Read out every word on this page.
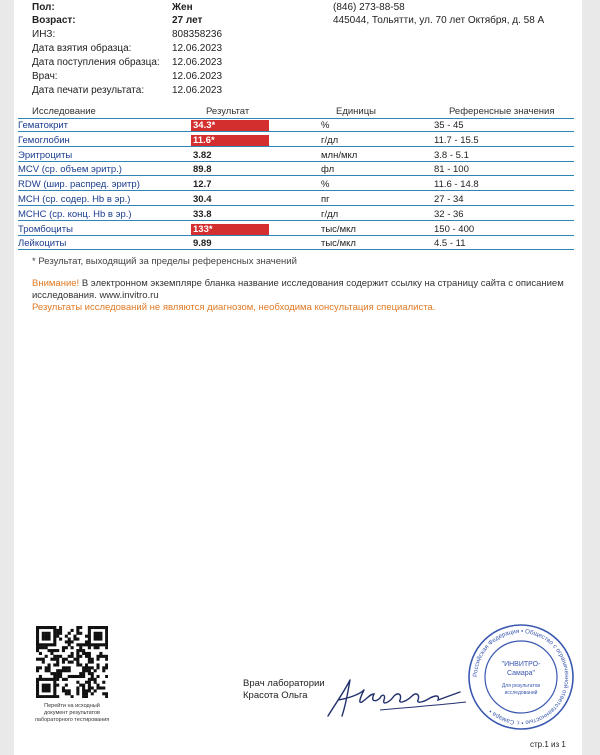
Пол:	Жен
Возраст:	27 лет
ИНЗ:	808358236
Дата взятия образца:	12.06.2023
Дата поступления образца: 12.06.2023
Врач:	12.06.2023
Дата печати результата:	12.06.2023
(846) 273-88-58
445044, Тольятти, ул. 70 лет Октября, д. 58 А
Исследование	Результат	Единицы	Референсные значения
Гематокрит	34.3*	%	35 - 45
Гемоглобин	11.6*	г/дл	11.7 - 15.5
Эритроциты	3.82	млн/мкл	3.8 - 5.1
MCV (ср. объем эритр.)	89.8	фл	81 - 100
RDW (шир. распред. эритр)	12.7	%	11.6 - 14.8
MCH (ср. содер. Hb в эр.)	30.4	пг	27 - 34
MCHC (ср. конц. Hb в эр.)	33.8	г/дл	32 - 36
Тромбоциты	133*	тыс/мкл	150 - 400
Лейкоциты	9.89	тыс/мкл	4.5 - 11
* Результат, выходящий за пределы референсных значений
Внимание! В электронном экземпляре бланка название исследования содержит ссылку на страницу сайта с описанием
исследования. www.invitro.ru
Результаты исследований не являются диагнозом, необходима консультация специалиста.
Перейти на исходный
документ результатов
лабораторного тестирования
Врач лаборатории
Красота Ольга
Российская Федерация • Общество с ограниченной ответственностью • г. Самара •
"ИНВИТРО-
Самара"
Для результатов
исследований
стр.1 из 1
